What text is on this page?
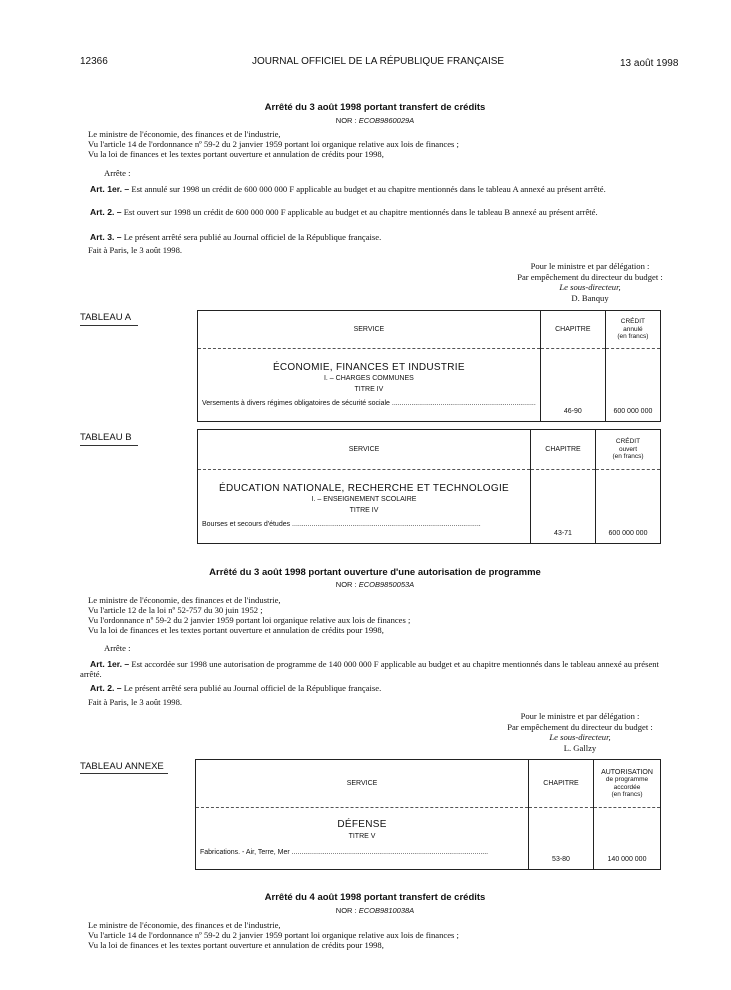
12366	JOURNAL OFFICIEL DE LA RÉPUBLIQUE FRANÇAISE	13 août 1998
Arrêté du 3 août 1998 portant transfert de crédits
NOR : ECOB9860029A
Le ministre de l'économie, des finances et de l'industrie,
Vu l'article 14 de l'ordonnance nº 59-2 du 2 janvier 1959 portant loi organique relative aux lois de finances ;
Vu la loi de finances et les textes portant ouverture et annulation de crédits pour 1998,
Arrête :
Art. 1er. – Est annulé sur 1998 un crédit de 600 000 000 F applicable au budget et au chapitre mentionnés dans le tableau A annexé au présent arrêté.
Art. 2. – Est ouvert sur 1998 un crédit de 600 000 000 F applicable au budget et au chapitre mentionnés dans le tableau B annexé au présent arrêté.
Art. 3. – Le présent arrêté sera publié au Journal officiel de la République française.
Fait à Paris, le 3 août 1998.
Pour le ministre et par délégation :
Par empêchement du directeur du budget :
Le sous-directeur,
D. Banquy
TABLEAU A
SERVICE	CHAPITRE	CRÉDIT
annulé
(en francs)

ÉCONOMIE, FINANCES ET INDUSTRIE
I. – CHARGES COMMUNES
TITRE IV
Versements à divers régimes obligatoires de sécurité sociale ..........................................................................	46-90	600 000 000
TABLEAU B
SERVICE	CHAPITRE	CRÉDIT
ouvert
(en francs)

ÉDUCATION NATIONALE, RECHERCHE ET TECHNOLOGIE
I. – ENSEIGNEMENT SCOLAIRE
TITRE IV
Bourses et secours d'études .................................................................................................	43-71	600 000 000
Arrêté du 3 août 1998 portant ouverture d'une autorisation de programme
NOR : ECOB9850053A
Le ministre de l'économie, des finances et de l'industrie,
Vu l'article 12 de la loi nº 52-757 du 30 juin 1952 ;
Vu l'ordonnance nº 59-2 du 2 janvier 1959 portant loi organique relative aux lois de finances ;
Vu la loi de finances et les textes portant ouverture et annulation de crédits pour 1998,
Arrête :
Art. 1er. – Est accordée sur 1998 une autorisation de programme de 140 000 000 F applicable au budget et au chapitre mentionnés dans le tableau annexé au présent arrêté.
Art. 2. – Le présent arrêté sera publié au Journal officiel de la République française.
Fait à Paris, le 3 août 1998.
Pour le ministre et par délégation :
Par empêchement du directeur du budget :
Le sous-directeur,
L. Gallzy
TABLEAU ANNEXE
SERVICE	CHAPITRE	AUTORISATION
de programme
accordée
(en francs)

DÉFENSE
TITRE V
Fabrications. - Air, Terre, Mer .....................................................................................................	53-80	140 000 000
Arrêté du 4 août 1998 portant transfert de crédits
NOR : ECOB9810038A
Le ministre de l'économie, des finances et de l'industrie,
Vu l'article 14 de l'ordonnance nº 59-2 du 2 janvier 1959 portant loi organique relative aux lois de finances ;
Vu la loi de finances et les textes portant ouverture et annulation de crédits pour 1998,
